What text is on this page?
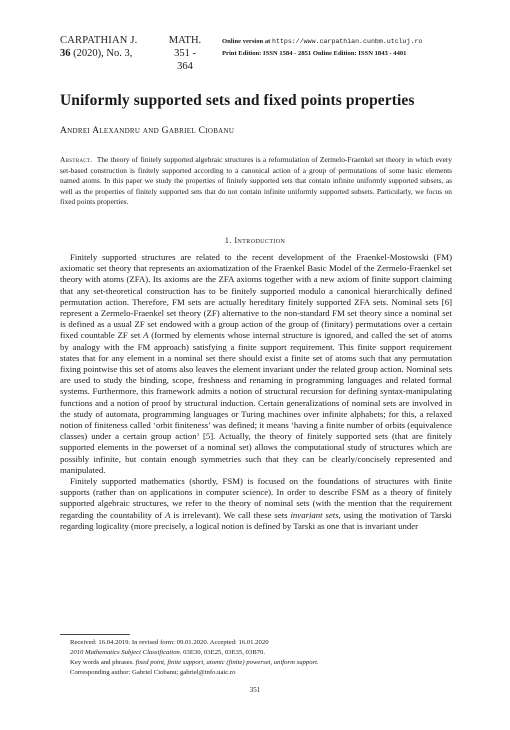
CARPATHIAN J.
36 (2020), No. 3,
MATH.
351 - 364
Online version at https://www.carpathian.cunbm.utcluj.ro
Print Edition: ISSN 1584 - 2851 Online Edition: ISSN 1843 - 4401
Uniformly supported sets and fixed points properties
Andrei Alexandru and Gabriel Ciobanu
Abstract. The theory of finitely supported algebraic structures is a reformulation of Zermelo-Fraenkel set theory in which every set-based construction is finitely supported according to a canonical action of a group of permutations of some basic elements named atoms. In this paper we study the properties of finitely supported sets that contain infinite uniformly supported subsets, as well as the properties of finitely supported sets that do not contain infinite uniformly supported subsets. Particularly, we focus on fixed points properties.
1. Introduction

Finitely supported structures are related to the recent development of the Fraenkel-Mostowski (FM) axiomatic set theory that represents an axiomatization of the Fraenkel Basic Model of the Zermelo-Fraenkel set theory with atoms (ZFA). Its axioms are the ZFA axioms together with a new axiom of finite support claiming that any set-theoretical construction has to be finitely supported modulo a canonical hierarchically defined permutation action. Therefore, FM sets are actually hereditary finitely supported ZFA sets. Nominal sets [6] represent a Zermelo-Fraenkel set theory (ZF) alternative to the non-standard FM set theory since a nominal set is defined as a usual ZF set endowed with a group action of the group of (finitary) permutations over a certain fixed countable ZF set A (formed by elements whose internal structure is ignored, and called the set of atoms by analogy with the FM approach) satisfying a finite support requirement. This finite support requirement states that for any element in a nominal set there should exist a finite set of atoms such that any permutation fixing pointwise this set of atoms also leaves the element invariant under the related group action. Nominal sets are used to study the binding, scope, freshness and renaming in programming languages and related formal systems. Furthermore, this framework admits a notion of structural recursion for defining syntax-manipulating functions and a notion of proof by structural induction. Certain generalizations of nominal sets are involved in the study of automata, programming languages or Turing machines over infinite alphabets; for this, a relaxed notion of finiteness called ‘orbit finiteness’ was defined; it means ‘having a finite number of orbits (equivalence classes) under a certain group action’ [5]. Actually, the theory of finitely supported sets (that are finitely supported elements in the powerset of a nominal set) allows the computational study of structures which are possibly infinite, but contain enough symmetries such that they can be clearly/concisely represented and manipulated.

Finitely supported mathematics (shortly, FSM) is focused on the foundations of structures with finite supports (rather than on applications in computer science). In order to describe FSM as a theory of finitely supported algebraic structures, we refer to the theory of nominal sets (with the mention that the requirement regarding the countability of A is irrelevant). We call these sets invariant sets, using the motivation of Tarski regarding logicality (more precisely, a logical notion is defined by Tarski as one that is invariant under

Received: 16.04.2019. In revised form: 09.01.2020. Accepted: 16.01.2020
2010 Mathematics Subject Classification. 03E30, 03E25, 03E35, 03B70.
Key words and phrases. fixed point, finite support, atomic (finite) powerset, uniform support.
Corresponding author: Gabriel Ciobanu; gabriel@info.uaic.ro
351
